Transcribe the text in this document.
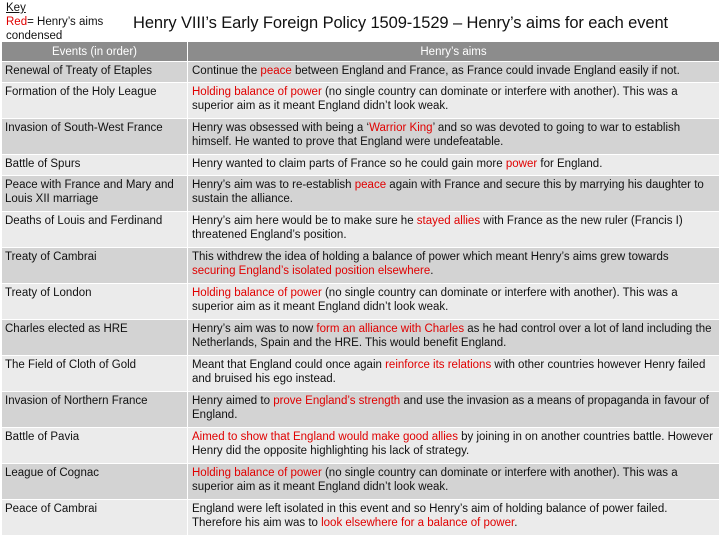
Key
Red= Henry’s aims condensed
Henry VIII’s Early Foreign Policy 1509-1529 – Henry’s aims for each event
Events (in order)	Henry’s aims
Renewal of Treaty of Etaples	Continue the peace between England and France, as France could invade England easily if not.
Formation of the Holy League	Holding balance of power (no single country can dominate or interfere with another). This was a superior aim as it meant England didn’t look weak.
Invasion of South-West France	Henry was obsessed with being a ‘Warrior King’ and so was devoted to going to war to establish himself. He wanted to prove that England were undefeatable.
Battle of Spurs	Henry wanted to claim parts of France so he could gain more power for England.
Peace with France and Mary and Louis XII marriage	Henry’s aim was to re-establish peace again with France and secure this by marrying his daughter to sustain the alliance.
Deaths of Louis and Ferdinand	Henry’s aim here would be to make sure he stayed allies with France as the new ruler (Francis I) threatened England’s position.
Treaty of Cambrai	This withdrew the idea of holding a balance of power which meant Henry’s aims grew towards securing England’s isolated position elsewhere.
Treaty of London	Holding balance of power (no single country can dominate or interfere with another). This was a superior aim as it meant England didn’t look weak.
Charles elected as HRE	Henry’s aim was to now form an alliance with Charles as he had control over a lot of land including the Netherlands, Spain and the HRE. This would benefit England.
The Field of Cloth of Gold	Meant that England could once again reinforce its relations with other countries however Henry failed and bruised his ego instead.
Invasion of Northern France	Henry aimed to prove England’s strength and use the invasion as a means of propaganda in favour of England.
Battle of Pavia	Aimed to show that England would make good allies by joining in on another countries battle. However Henry did the opposite highlighting his lack of strategy.
League of Cognac	Holding balance of power (no single country can dominate or interfere with another). This was a superior aim as it meant England didn’t look weak.
Peace of Cambrai	England were left isolated in this event and so Henry’s aim of holding balance of power failed. Therefore his aim was to look elsewhere for a balance of power.
